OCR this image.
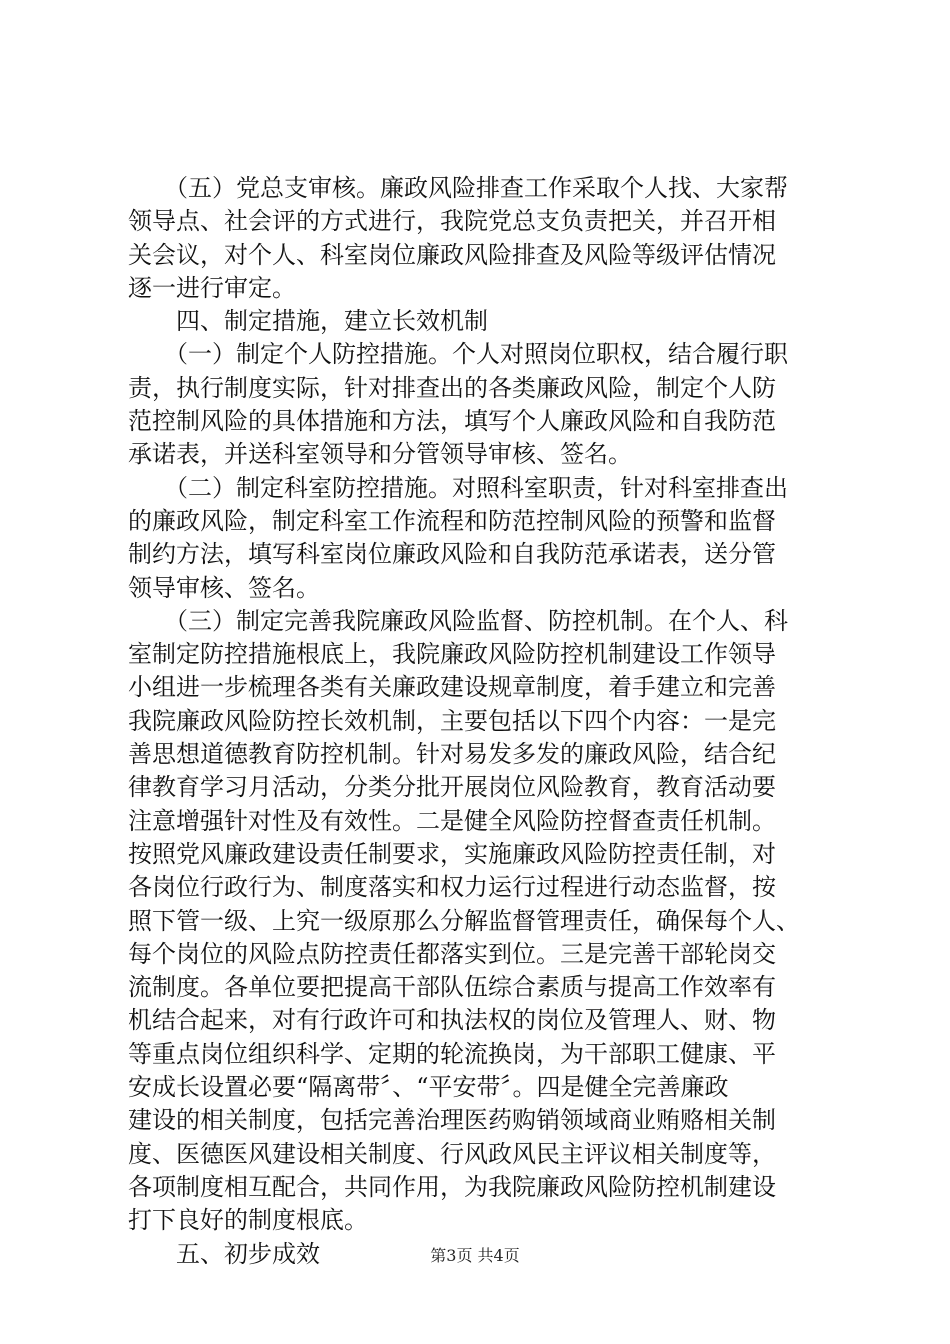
　　（五）党总支审核。廉政风险排查工作采取个人找、大家帮
领导点、社会评的方式进行，我院党总支负责把关，并召开相
关会议，对个人、科室岗位廉政风险排查及风险等级评估情况
逐一进行审定。
　　四、制定措施，建立长效机制
　　（一）制定个人防控措施。个人对照岗位职权，结合履行职
责，执行制度实际，针对排查出的各类廉政风险，制定个人防
范控制风险的具体措施和方法，填写个人廉政风险和自我防范
承诺表，并送科室领导和分管领导审核、签名。
　　（二）制定科室防控措施。对照科室职责，针对科室排查出
的廉政风险，制定科室工作流程和防范控制风险的预警和监督
制约方法，填写科室岗位廉政风险和自我防范承诺表，送分管
领导审核、签名。
　　（三）制定完善我院廉政风险监督、防控机制。在个人、科
室制定防控措施根底上，我院廉政风险防控机制建设工作领导
小组进一步梳理各类有关廉政建设规章制度，着手建立和完善
我院廉政风险防控长效机制，主要包括以下四个内容：一是完
善思想道德教育防控机制。针对易发多发的廉政风险，结合纪
律教育学习月活动，分类分批开展岗位风险教育，教育活动要
注意增强针对性及有效性。二是健全风险防控督查责任机制。
按照党风廉政建设责任制要求，实施廉政风险防控责任制，对
各岗位行政行为、制度落实和权力运行过程进行动态监督，按
照下管一级、上究一级原那么分解监督管理责任，确保每个人、
每个岗位的风险点防控责任都落实到位。三是完善干部轮岗交
流制度。各单位要把提高干部队伍综合素质与提高工作效率有
机结合起来，对有行政许可和执法权的岗位及管理人、财、物
等重点岗位组织科学、定期的轮流换岗，为干部职工健康、平
安成长设置必要“隔离带〞、“平安带〞。四是健全完善廉政
建设的相关制度，包括完善治理医药购销领域商业贿赂相关制
度、医德医风建设相关制度、行风政风民主评议相关制度等，
各项制度相互配合，共同作用，为我院廉政风险防控机制建设
打下良好的制度根底。
　　五、初步成效	第3页 共4页
